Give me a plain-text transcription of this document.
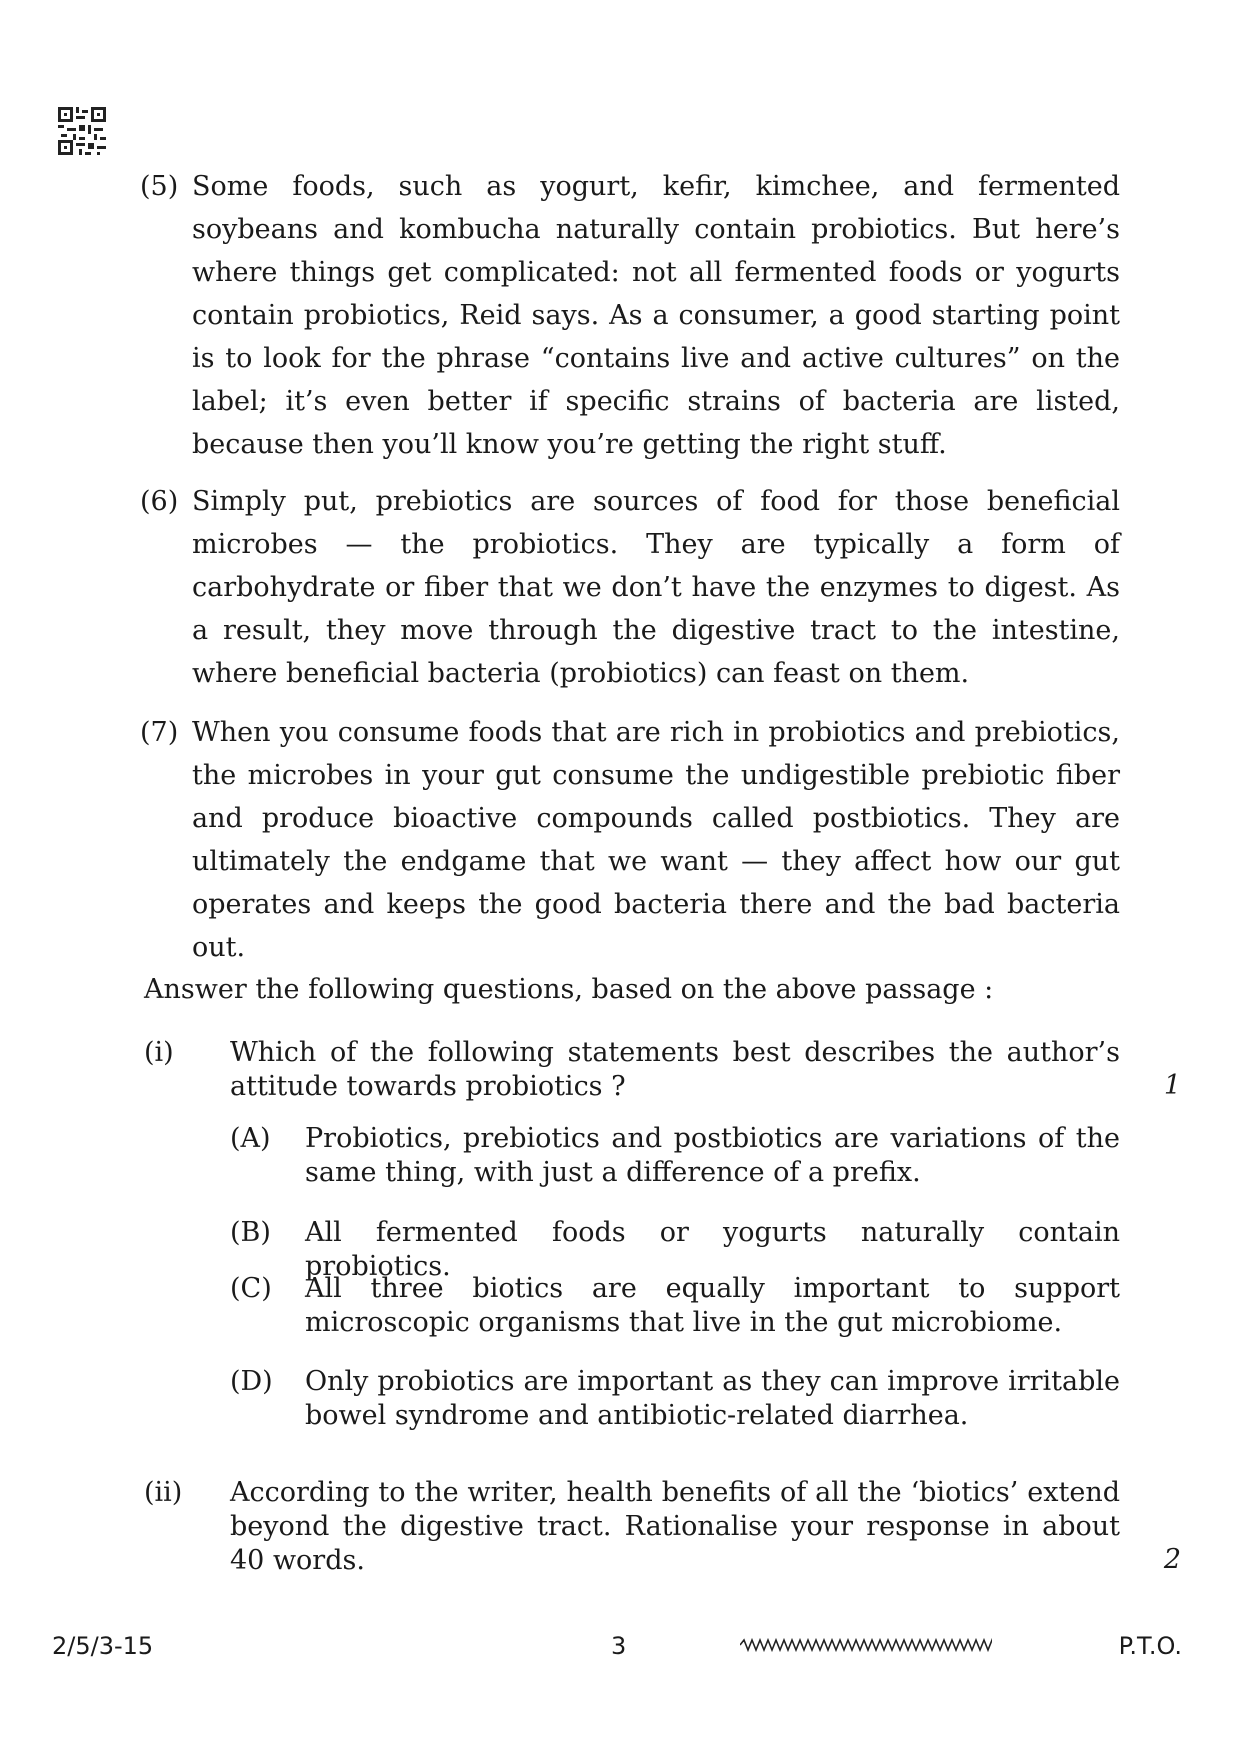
(5) Some foods, such as yogurt, kefir, kimchee, and fermented soybeans and kombucha naturally contain probiotics. But here’s where things get complicated: not all fermented foods or yogurts contain probiotics, Reid says. As a consumer, a good starting point is to look for the phrase “contains live and active cultures” on the label; it’s even better if specific strains of bacteria are listed, because then you’ll know you’re getting the right stuff.
(6) Simply put, prebiotics are sources of food for those beneficial microbes — the probiotics. They are typically a form of carbohydrate or fiber that we don’t have the enzymes to digest. As a result, they move through the digestive tract to the intestine, where beneficial bacteria (probiotics) can feast on them.
(7) When you consume foods that are rich in probiotics and prebiotics, the microbes in your gut consume the undigestible prebiotic fiber and produce bioactive compounds called postbiotics. They are ultimately the endgame that we want — they affect how our gut operates and keeps the good bacteria there and the bad bacteria out.
Answer the following questions, based on the above passage :
(i) Which of the following statements best describes the author’s attitude towards probiotics ?	1
(A) Probiotics, prebiotics and postbiotics are variations of the same thing, with just a difference of a prefix.
(B) All fermented foods or yogurts naturally contain probiotics.
(C) All three biotics are equally important to support microscopic organisms that live in the gut microbiome.
(D) Only probiotics are important as they can improve irritable bowel syndrome and antibiotic-related diarrhea.
(ii) According to the writer, health benefits of all the ‘biotics’ extend beyond the digestive tract. Rationalise your response in about 40 words.	2
2/5/3-15	3	P.T.O.
